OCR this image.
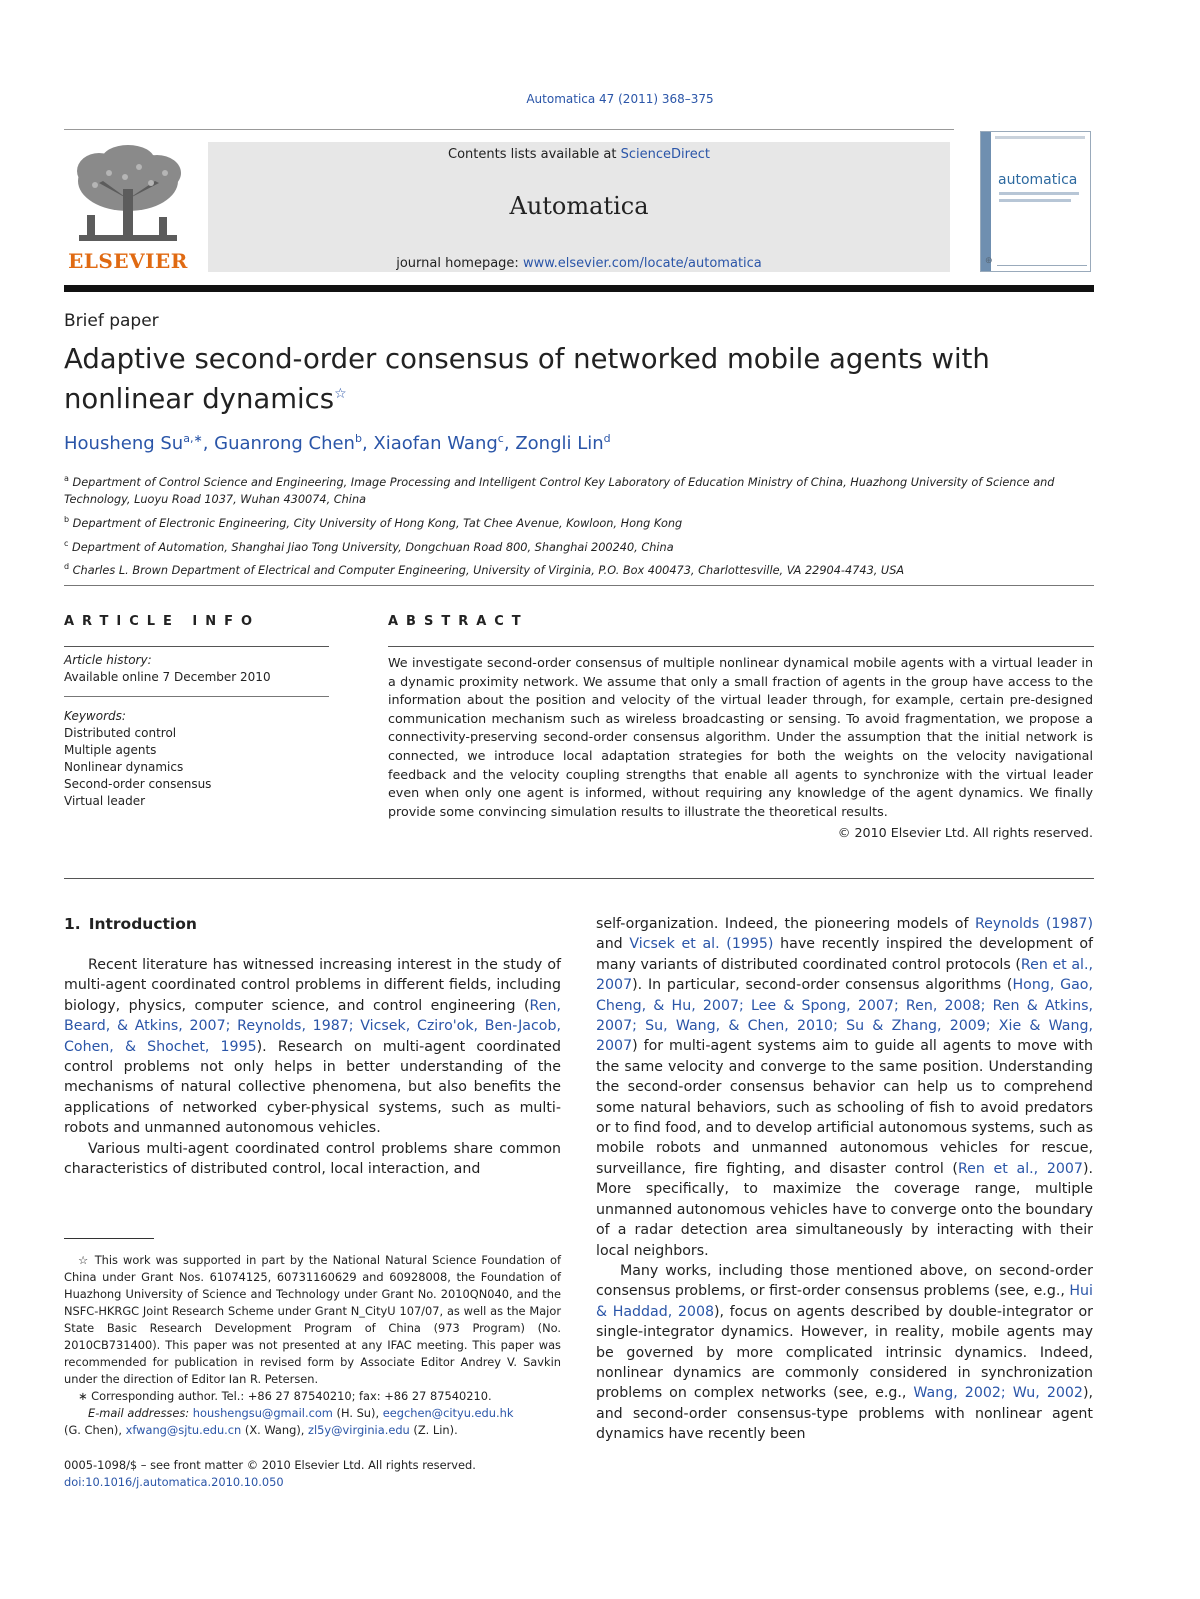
Automatica 47 (2011) 368–375
ELSEVIER
Contents lists available at ScienceDirect
Automatica
journal homepage: www.elsevier.com/locate/automatica
automatica
⊕
Brief paper
Adaptive second-order consensus of networked mobile agents with nonlinear dynamics☆
Housheng $Su^{a,∗}$, Guanrong Chen$^b$, Xiaofan Wang$^c$, Zongli Lin$^d$
$^a$ Department of Control Science and Engineering, Image Processing and Intelligent Control Key Laboratory of Education Ministry of China, Huazhong University of Science and Technology, Luoyu Road 1037, Wuhan 430074, China
$^b$ Department of Electronic Engineering, City University of Hong Kong, Tat Chee Avenue, Kowloon, Hong Kong
$^c$ Department of Automation, Shanghai Jiao Tong University, Dongchuan Road 800, Shanghai 200240, China
$^d$ Charles L. Brown Department of Electrical and Computer Engineering, University of Virginia, P.O. Box 400473, Charlottesville, VA 22904-4743, USA
ARTICLE INFO	ABSTRACT
Article history:
Available online 7 December 2010
Keywords:
Distributed control
Multiple agents
Nonlinear dynamics
Second-order consensus
Virtual leader
We investigate second-order consensus of multiple nonlinear dynamical mobile agents with a virtual leader in a dynamic proximity network. We assume that only a small fraction of agents in the group have access to the information about the position and velocity of the virtual leader through, for example, certain pre-designed communication mechanism such as wireless broadcasting or sensing. To avoid fragmentation, we propose a connectivity-preserving second-order consensus algorithm. Under the assumption that the initial network is connected, we introduce local adaptation strategies for both the weights on the velocity navigational feedback and the velocity coupling strengths that enable all agents to synchronize with the virtual leader even when only one agent is informed, without requiring any knowledge of the agent dynamics. We finally provide some convincing simulation results to illustrate the theoretical results.
© 2010 Elsevier Ltd. All rights reserved.
1. Introduction

Recent literature has witnessed increasing interest in the study of multi-agent coordinated control problems in different fields, including biology, physics, computer science, and control engineering (Ren, Beard, & Atkins, 2007; Reynolds, 1987; Vicsek, Czirо'ok, Ben-Jacob, Cohen, & Shochet, 1995). Research on multi-agent coordinated control problems not only helps in better understanding of the mechanisms of natural collective phenomena, but also benefits the applications of networked cyber-physical systems, such as multi-robots and unmanned autonomous vehicles.

Various multi-agent coordinated control problems share common characteristics of distributed control, local interaction, and

self-organization. Indeed, the pioneering models of Reynolds (1987) and Vicsek et al. (1995) have recently inspired the development of many variants of distributed coordinated control protocols (Ren et al., 2007). In particular, second-order consensus algorithms (Hong, Gao, Cheng, & Hu, 2007; Lee & Spong, 2007; Ren, 2008; Ren & Atkins, 2007; Su, Wang, & Chen, 2010; Su & Zhang, 2009; Xie & Wang, 2007) for multi-agent systems aim to guide all agents to move with the same velocity and converge to the same position. Understanding the second-order consensus behavior can help us to comprehend some natural behaviors, such as schooling of fish to avoid predators or to find food, and to develop artificial autonomous systems, such as mobile robots and unmanned autonomous vehicles for rescue, surveillance, fire fighting, and disaster control (Ren et al., 2007). More specifically, to maximize the coverage range, multiple unmanned autonomous vehicles have to converge onto the boundary of a radar detection area simultaneously by interacting with their local neighbors.

Many works, including those mentioned above, on second-order consensus problems, or first-order consensus problems (see, e.g., Hui & Haddad, 2008), focus on agents described by double-integrator or single-integrator dynamics. However, in reality, mobile agents may be governed by more complicated intrinsic dynamics. Indeed, nonlinear dynamics are commonly considered in synchronization problems on complex networks (see, e.g., Wang, 2002; Wu, 2002), and second-order consensus-type problems with nonlinear agent dynamics have recently been

☆ This work was supported in part by the National Natural Science Foundation of China under Grant Nos. 61074125, 60731160629 and 60928008, the Foundation of Huazhong University of Science and Technology under Grant No. 2010QN040, and the NSFC-HKRGC Joint Research Scheme under Grant N_CityU 107/07, as well as the Major State Basic Research Development Program of China (973 Program) (No. 2010CB731400). This paper was not presented at any IFAC meeting. This paper was recommended for publication in revised form by Associate Editor Andrey V. Savkin under the direction of Editor Ian R. Petersen.

∗ Corresponding author. Tel.: +86 27 87540210; fax: +86 27 87540210.

E-mail addresses: houshengsu@gmail.com (H. Su), eegchen@cityu.edu.hk
(G. Chen), xfwang@sjtu.edu.cn (X. Wang), zl5y@virginia.edu (Z. Lin).

0005-1098/$ – see front matter © 2010 Elsevier Ltd. All rights reserved.
doi:10.1016/j.automatica.2010.10.050
